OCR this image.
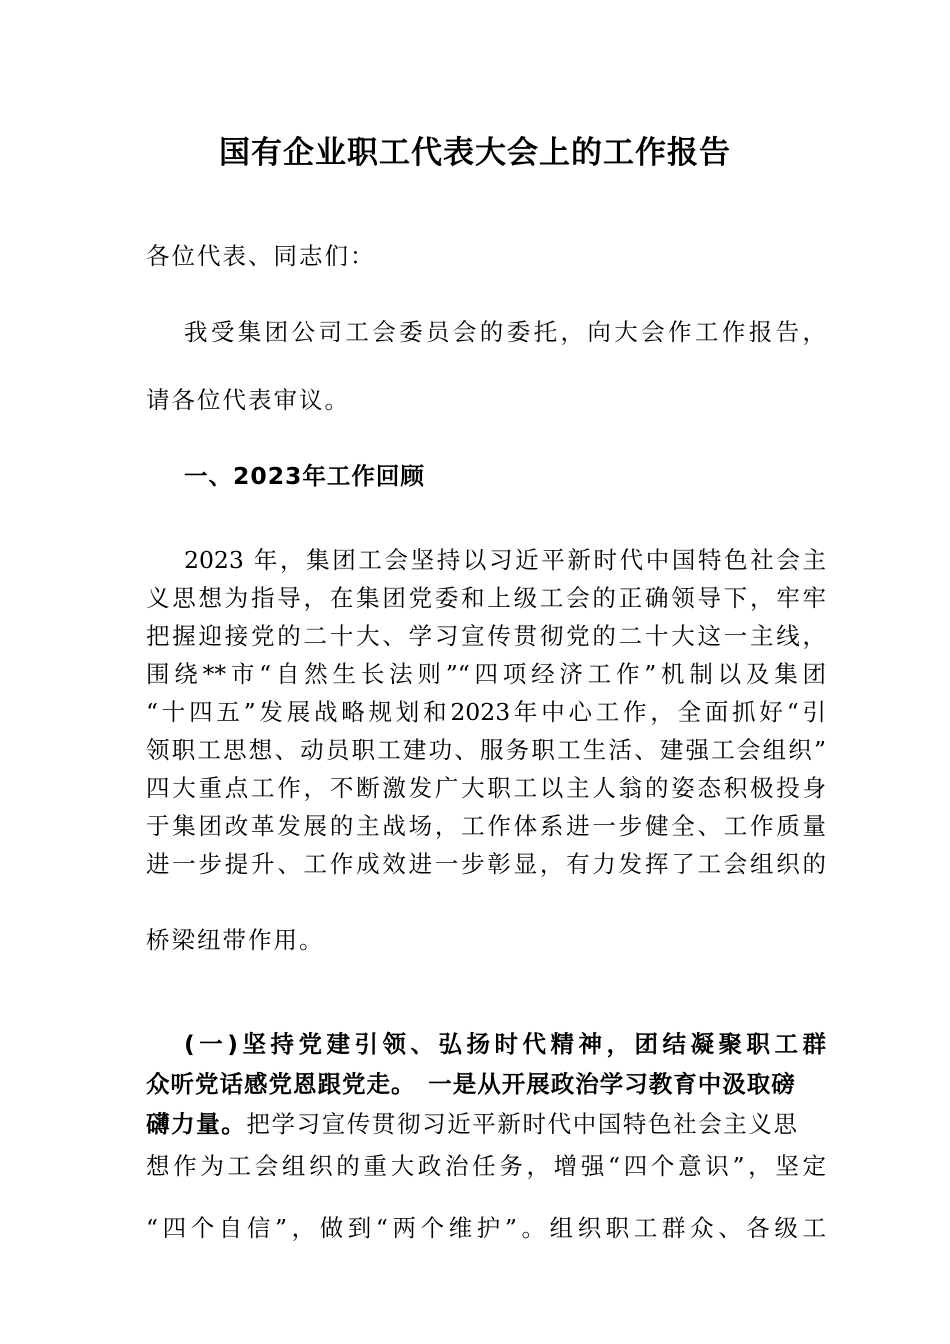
国有企业职工代表大会上的工作报告

各位代表、同志们：

我受集团公司工会委员会的委托，向大会作工作报告，

请各位代表审议。

一、2023年工作回顾

2023 年，集团工会坚持以习近平新时代中国特色社会主

义思想为指导，在集团党委和上级工会的正确领导下，牢牢

把握迎接党的二十大、学习宣传贯彻党的二十大这一主线，

围绕**市“自然生长法则”“四项经济工作”机制以及集团

“十四五”发展战略规划和2023年中心工作，全面抓好“引

领职工思想、动员职工建功、服务职工生活、建强工会组织”

四大重点工作，不断激发广大职工以主人翁的姿态积极投身

于集团改革发展的主战场，工作体系进一步健全、工作质量

进一步提升、工作成效进一步彰显，有力发挥了工会组织的

桥梁纽带作用。

(一)坚持党建引领、弘扬时代精神，团结凝聚职工群

众听党话感党恩跟党走。　 一是从开展政治学习教育中汲取磅

礴力量。把学习宣传贯彻习近平新时代中国特色社会主义思

想作为工会组织的重大政治任务，增强“四个意识”，坚定

“四个自信”，做到“两个维护”。组织职工群众、各级工
